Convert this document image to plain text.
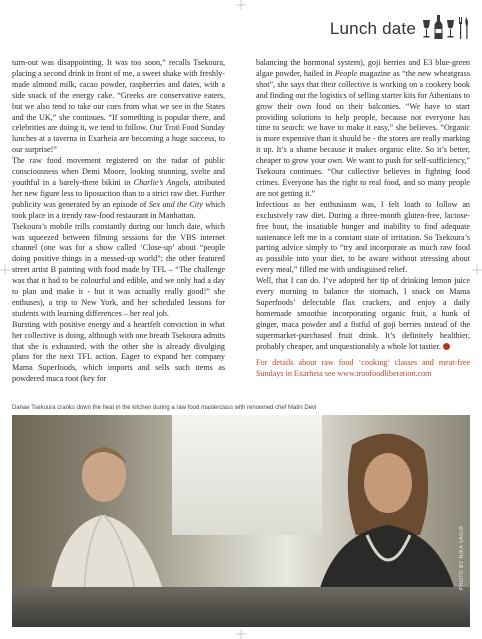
Lunch date

turn-out was disappointing. It was too soon,” recalls Tsekoura, placing a second drink in front of me, a sweet shake with freshly-made almond milk, cacao powder, raspberries and dates, with a side snack of the energy cake. “Greeks are conservative eaters, but we also tend to take our cues from what we see in the States and the UK,” she continues. “If something is popular there, and celebrities are doing it, we tend to follow. Our Troö Food Sunday lunches at a taverna in Exarheia are becoming a huge success, to our surprise!”

The raw food movement registered on the radar of public consciousness when Demi Moore, looking stunning, svelte and youthful in a barely-there bikini in Charlie’s Angels, attributed her new figure less to liposuction than to a strict raw diet. Further publicity was generated by an episode of Sex and the City which took place in a trendy raw-food restaurant in Manhattan.

Tsekoura’s mobile trills constantly during our lunch date, which was squeezed between filming sessions for the VBS internet channel (one was for a show called ‘Close-up’ about “people doing positive things in a messed-up world”; the other featured street artist B painting with food made by TFL – “The challenge was that it had to be colourful and edible, and we only had a day to plan and make it - but it was actually really good!” she enthuses), a trip to New York, and her scheduled lessons for students with learning differences – her real job.

Bursting with positive energy and a heartfelt conviction in what her collective is doing, although with one breath Tsekoura admits that she is exhausted, with the other she is already divulging plans for the next TFL action. Eager to expand her company Mama Superfoods, which imports and sells such items as powdered maca root (key for

balancing the hormonal system), goji berries and E3 blue-green algae powder, hailed in People magazine as “the new wheatgrass shot”, she says that their collective is working on a cookery book and finding out the logistics of selling starter kits for Athenians to grow their own food on their balconies. “We have to start providing solutions to help people, because not everyone has time to search: we have to make it easy,” she believes. “Organic is more expensive than it should be - the stores are really marking it up. It’s a shame because it makes organic elite. So it’s better, cheaper to grow your own. We want to push for self-sufficiency,” Tsekoura continues. “Our collective believes in fighting food crimes. Everyone has the right to real food, and so many people are not getting it.”

Infectious as her enthusiasm was, I felt loath to follow an exclusively raw diet. During a three-month gluten-free, lactose-free bout, the insatiable hunger and inability to find adequate sustenance left me in a constant state of irritation. So Tsekoura’s parting advice simply to “try and incorporate as much raw food as possible into your diet, to be aware without stressing about every meal,” filled me with undisguised relief.

Well, that I can do. I’ve adopted her tip of drinking lemon juice every morning to balance the stomach, I snack on Mama Superfoods’ delectable flax crackers, and enjoy a daily homemade smoothie incorporating organic fruit, a hunk of ginger, maca powder and a fistful of goji berries instead of the supermarket-purchased fruit drink. It’s definitely healthier, probably cheaper, and unquestionably a whole lot tastier.

For details about raw food ‘cooking’ classes and meat-free Sundays in Exarheia see www.troofoodliberation.com

Danae Tsekoura cranks down the heat in the kitchen during a raw food masterclass with renowned chef Matin Devi
PHOTO BY NIKA VAGIA
